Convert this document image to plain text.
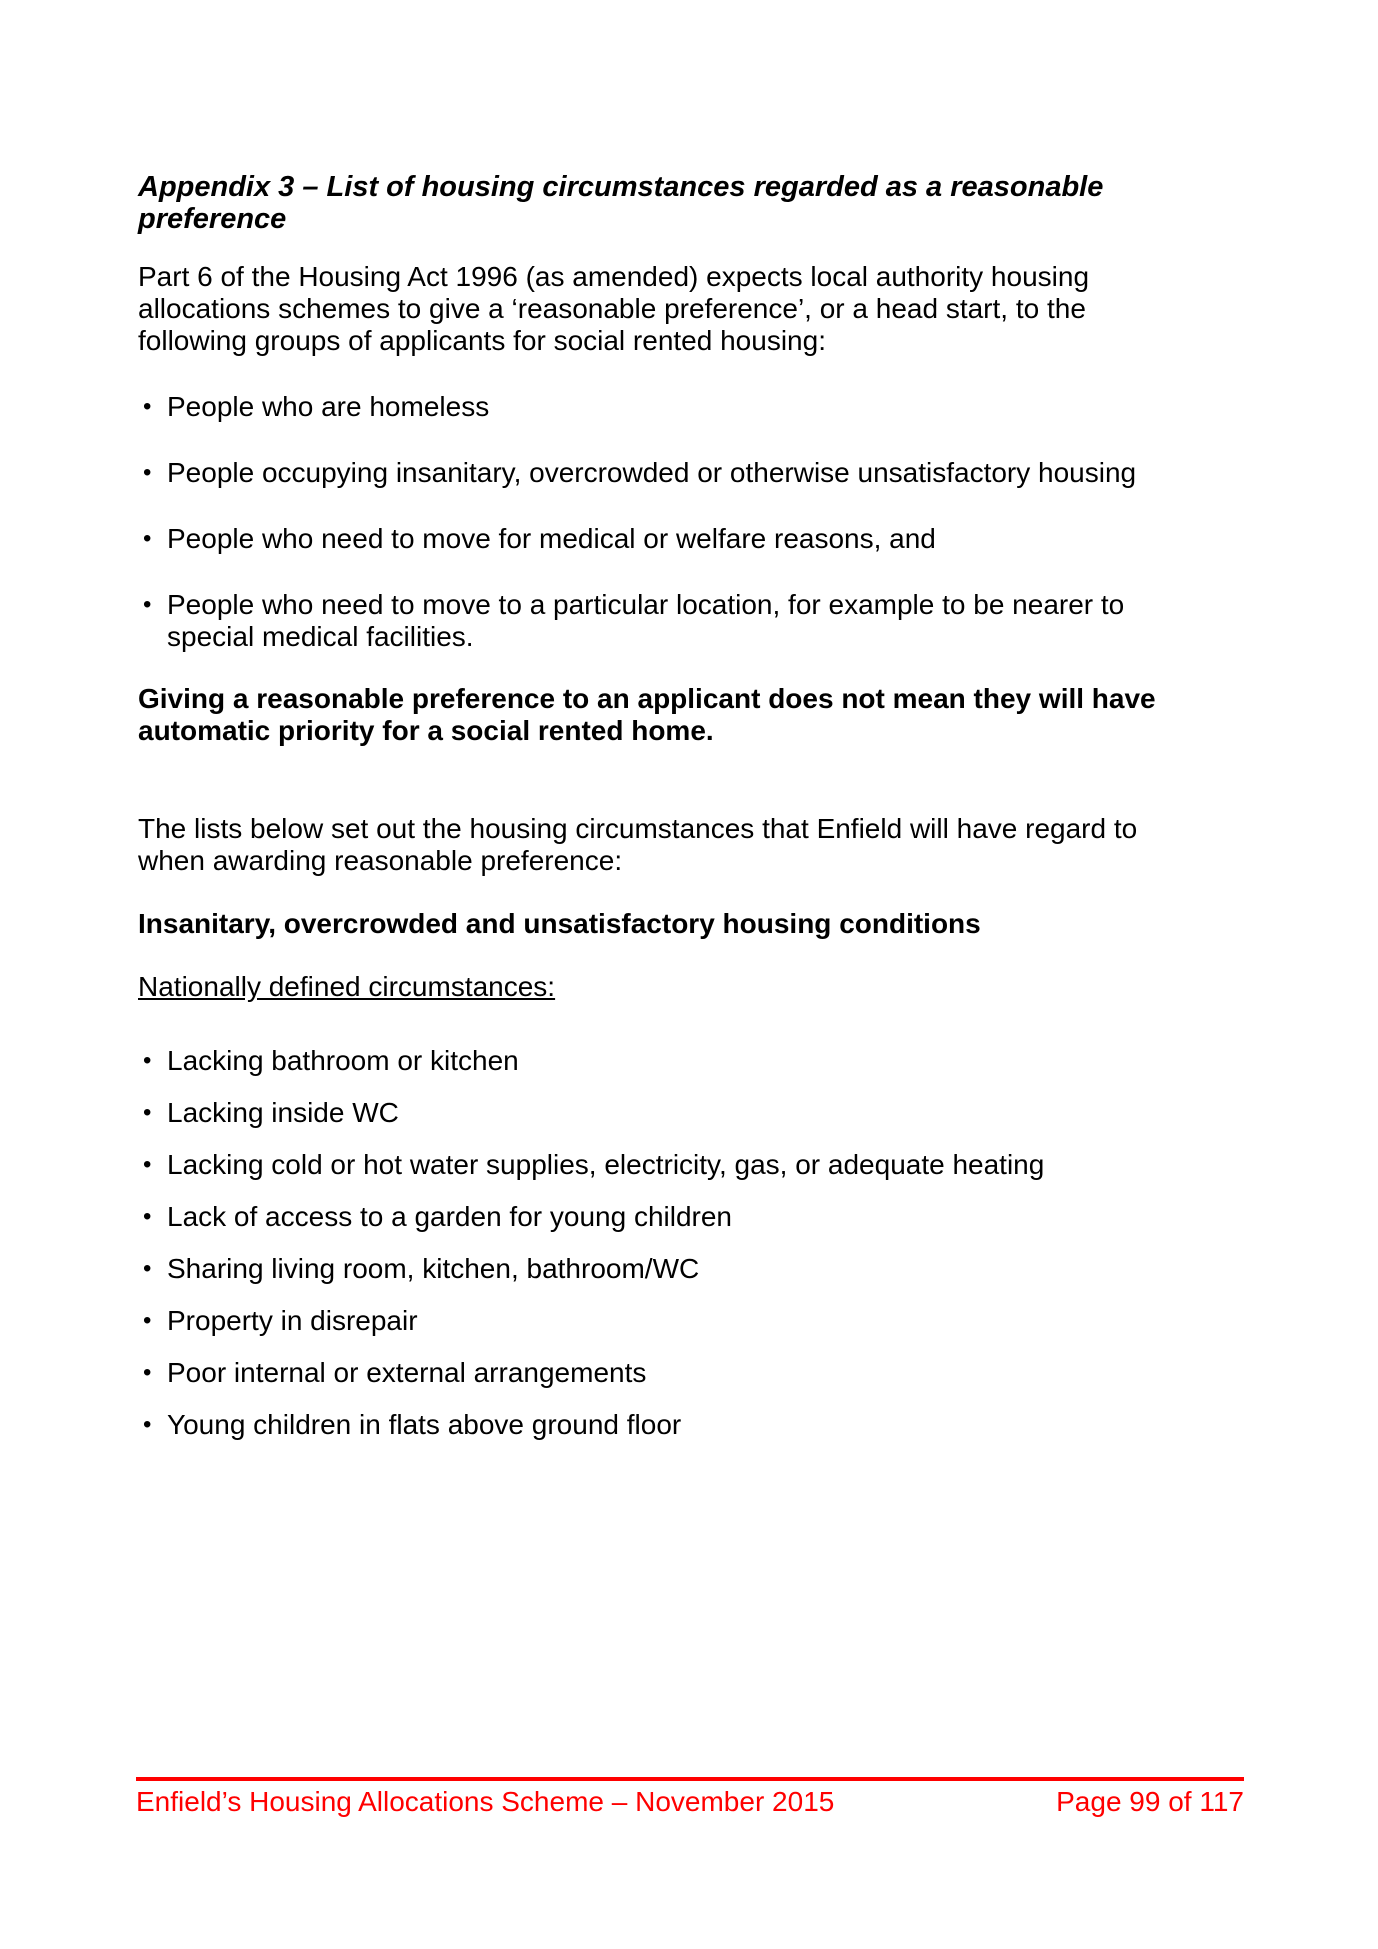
Appendix 3 – List of housing circumstances regarded as a reasonable preference

Part 6 of the Housing Act 1996 (as amended) expects local authority housing allocations schemes to give a ‘reasonable preference’, or a head start, to the following groups of applicants for social rented housing:

• People who are homeless
• People occupying insanitary, overcrowded or otherwise unsatisfactory housing
• People who need to move for medical or welfare reasons, and
• People who need to move to a particular location, for example to be nearer to special medical facilities.

Giving a reasonable preference to an applicant does not mean they will have automatic priority for a social rented home.

The lists below set out the housing circumstances that Enfield will have regard to when awarding reasonable preference:

Insanitary, overcrowded and unsatisfactory housing conditions
Nationally defined circumstances:
• Lacking bathroom or kitchen
• Lacking inside WC
• Lacking cold or hot water supplies, electricity, gas, or adequate heating
• Lack of access to a garden for young children
• Sharing living room, kitchen, bathroom/WC
• Property in disrepair
• Poor internal or external arrangements
• Young children in flats above ground floor
Enfield’s Housing Allocations Scheme – November 2015	Page 99 of 117
